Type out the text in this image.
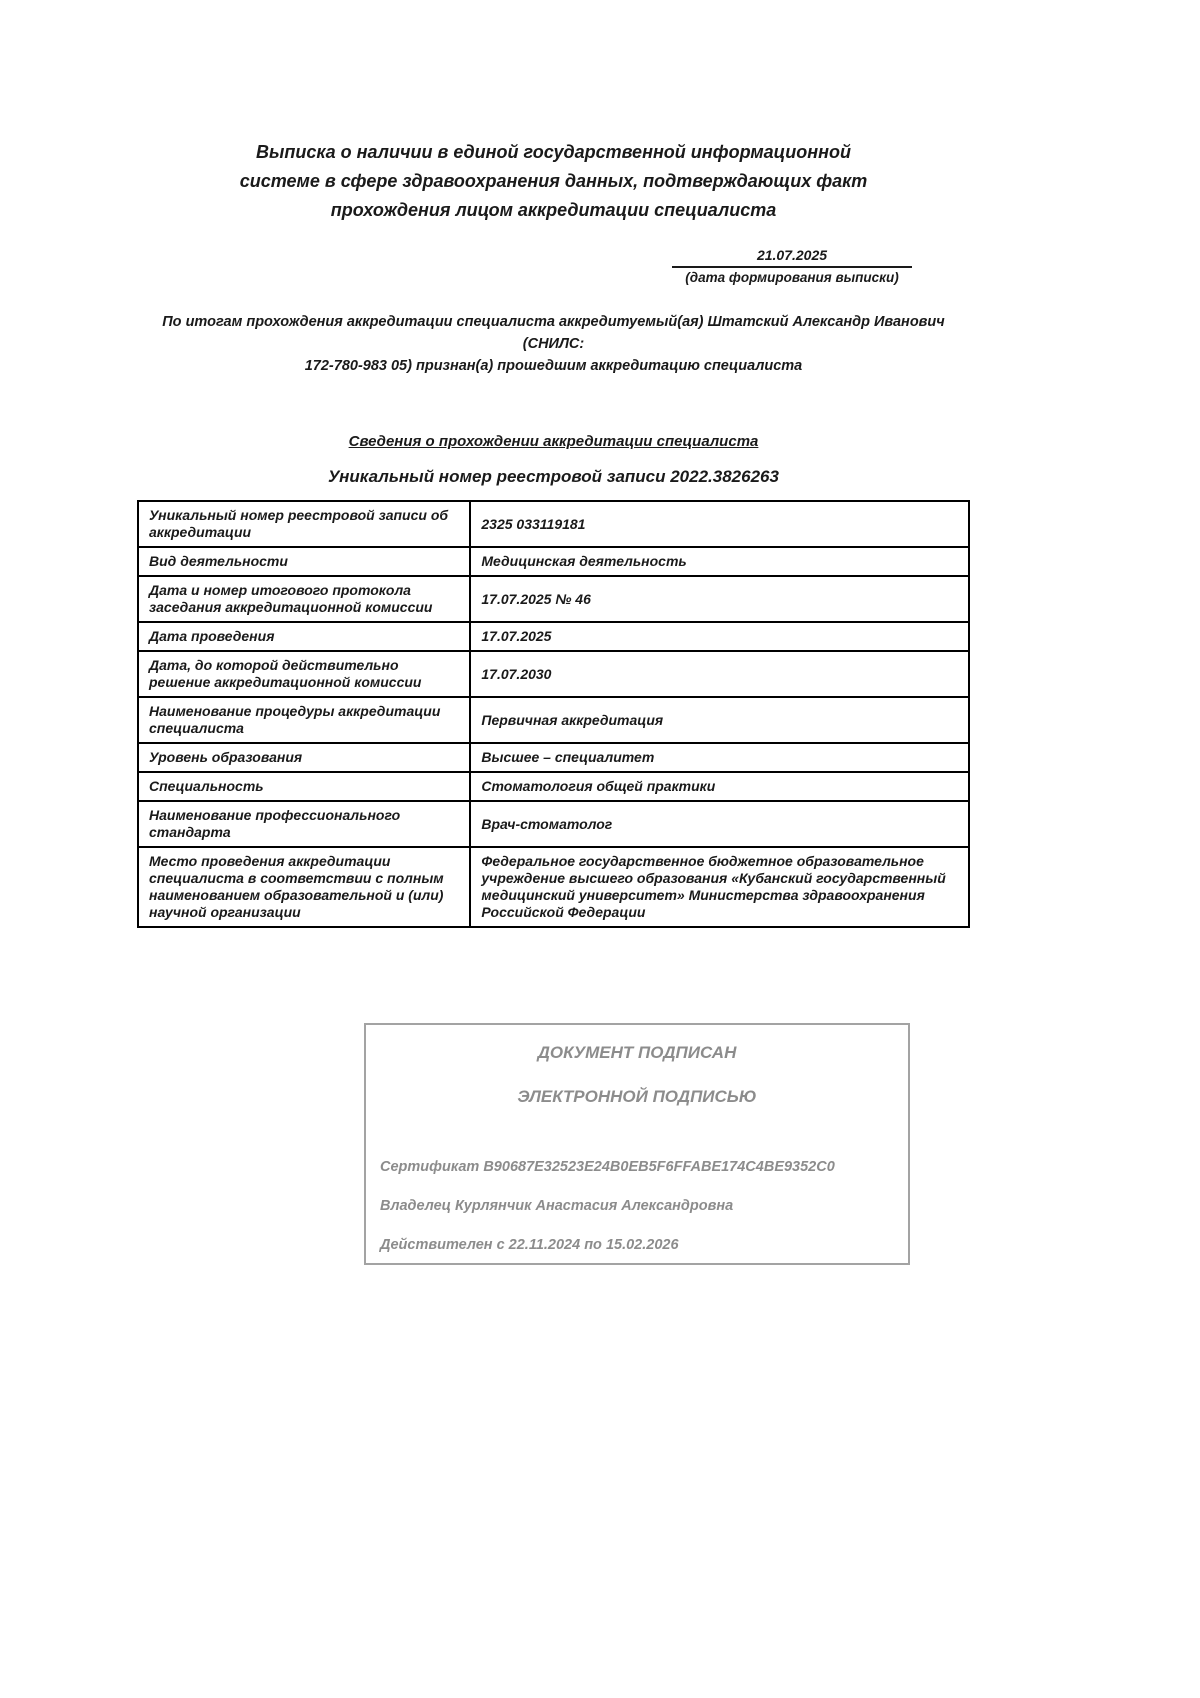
Выписка о наличии в единой государственной информационной
системе в сфере здравоохранения данных, подтверждающих факт
прохождения лицом аккредитации специалиста
21.07.2025
(дата формирования выписки)
По итогам прохождения аккредитации специалиста аккредитуемый(ая) Штатский Александр Иванович (СНИЛС:
172-780-983 05) признан(а) прошедшим аккредитацию специалиста
Сведения о прохождении аккредитации специалиста
Уникальный номер реестровой записи 2022.3826263
Уникальный номер реестровой записи об аккредитации	2325 033119181
Вид деятельности	Медицинская деятельность
Дата и номер итогового протокола заседания аккредитационной комиссии	17.07.2025 № 46
Дата проведения	17.07.2025
Дата, до которой действительно решение аккредитационной комиссии	17.07.2030
Наименование процедуры аккредитации специалиста	Первичная аккредитация
Уровень образования	Высшее – специалитет
Специальность	Стоматология общей практики
Наименование профессионального стандарта	Врач-стоматолог
Место проведения аккредитации специалиста в соответствии с полным наименованием образовательной и (или) научной организации	Федеральное государственное бюджетное образовательное учреждение высшего образования «Кубанский государственный медицинский университет» Министерства здравоохранения Российской Федерации
ДОКУМЕНТ ПОДПИСАН
ЭЛЕКТРОННОЙ ПОДПИСЬЮ
Сертификат B90687E32523E24B0EB5F6FFABE174C4BE9352C0
Владелец Курлянчик Анастасия Александровна
Действителен с 22.11.2024 по 15.02.2026
